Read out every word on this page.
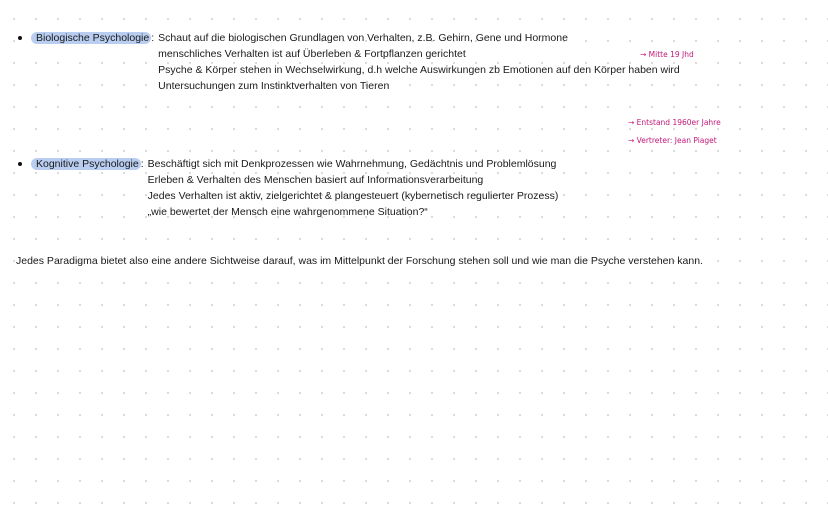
Biologische Psychologie : Schaut auf die biologischen Grundlagen von Verhalten, z.B. Gehirn, Gene und Hormone
menschliches Verhalten ist auf Überleben & Fortpflanzen gerichtet
Psyche & Körper stehen in Wechselwirkung, d.h welche Auswirkungen zb Emotionen auf den Körper haben wird
Untersuchungen zum Instinktverhalten von Tieren
→ Mitte 19 Jhd
→ Entstand 1960er Jahre
→ Vertreter: Jean Piaget
Kognitive Psychologie : Beschäftigt sich mit Denkprozessen wie Wahrnehmung, Gedächtnis und Problemlösung
Erleben & Verhalten des Menschen basiert auf Informationsverarbeitung
Jedes Verhalten ist aktiv, zielgerichtet & plangesteuert (kybernetisch regulierter Prozess)
„wie bewertet der Mensch eine wahrgenommene Situation?“
Jedes Paradigma bietet also eine andere Sichtweise darauf, was im Mittelpunkt der Forschung stehen soll und wie man die Psyche verstehen kann.
